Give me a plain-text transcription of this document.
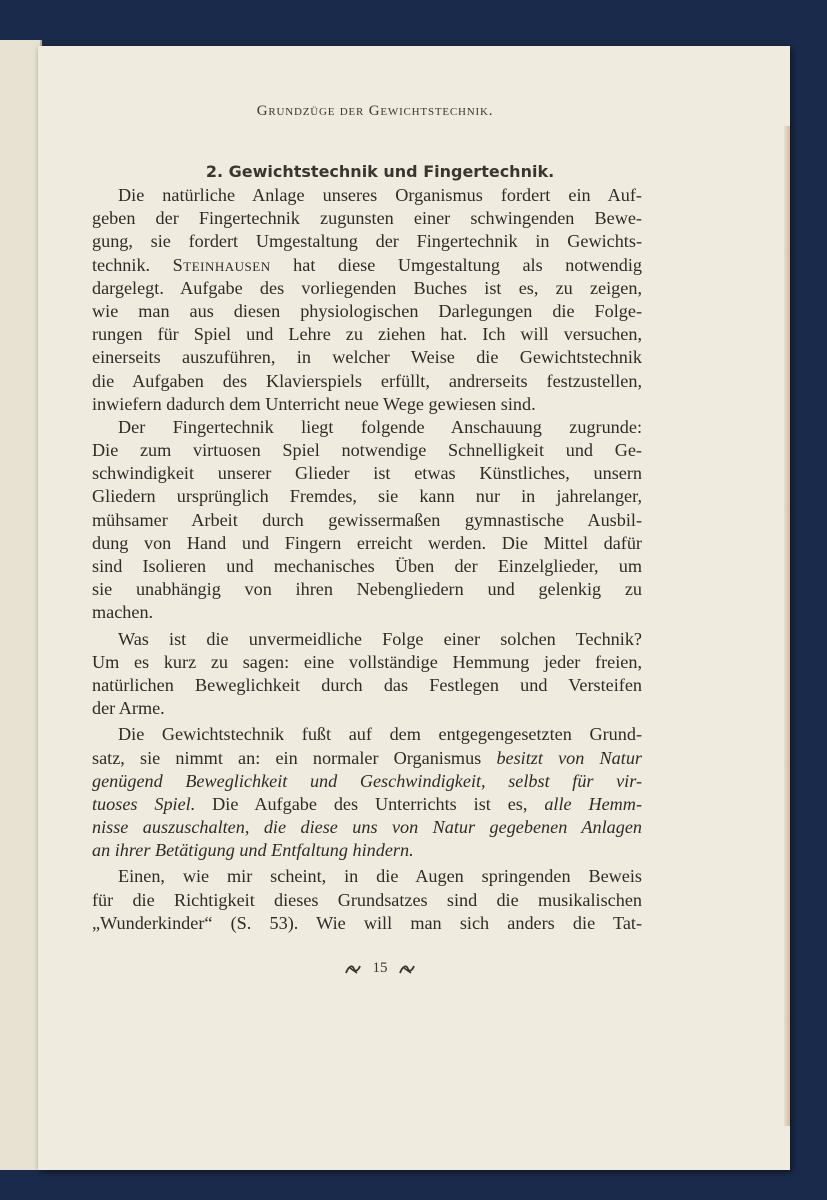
Grundzüge der Gewichtstechnik.
2. Gewichtstechnik und Fingertechnik.
Die natürliche Anlage unseres Organismus fordert ein Auf-
geben der Fingertechnik zugunsten einer schwingenden Bewe-
gung, sie fordert Umgestaltung der Fingertechnik in Gewichts-
technik. Steinhausen hat diese Umgestaltung als notwendig
dargelegt. Aufgabe des vorliegenden Buches ist es, zu zeigen,
wie man aus diesen physiologischen Darlegungen die Folge-
rungen für Spiel und Lehre zu ziehen hat. Ich will versuchen,
einerseits auszuführen, in welcher Weise die Gewichtstechnik
die Aufgaben des Klavierspiels erfüllt, andrerseits festzustellen,
inwiefern dadurch dem Unterricht neue Wege gewiesen sind.
Der Fingertechnik liegt folgende Anschauung zugrunde:
Die zum virtuosen Spiel notwendige Schnelligkeit und Ge-
schwindigkeit unserer Glieder ist etwas Künstliches, unsern
Gliedern ursprünglich Fremdes, sie kann nur in jahrelanger,
mühsamer Arbeit durch gewissermaßen gymnastische Ausbil-
dung von Hand und Fingern erreicht werden. Die Mittel dafür
sind Isolieren und mechanisches Üben der Einzelglieder, um
sie unabhängig von ihren Nebengliedern und gelenkig zu
machen.
Was ist die unvermeidliche Folge einer solchen Technik?
Um es kurz zu sagen: eine vollständige Hemmung jeder freien,
natürlichen Beweglichkeit durch das Festlegen und Versteifen
der Arme.
Die Gewichtstechnik fußt auf dem entgegengesetzten Grund-
satz, sie nimmt an: ein normaler Organismus besitzt von Natur
genügend Beweglichkeit und Geschwindigkeit, selbst für vir-
tuoses Spiel. Die Aufgabe des Unterrichts ist es, alle Hemm-
nisse auszuschalten, die diese uns von Natur gegebenen Anlagen
an ihrer Betätigung und Entfaltung hindern.
Einen, wie mir scheint, in die Augen springenden Beweis
für die Richtigkeit dieses Grundsatzes sind die musikalischen
„Wunderkinder“ (S. 53). Wie will man sich anders die Tat-
15
